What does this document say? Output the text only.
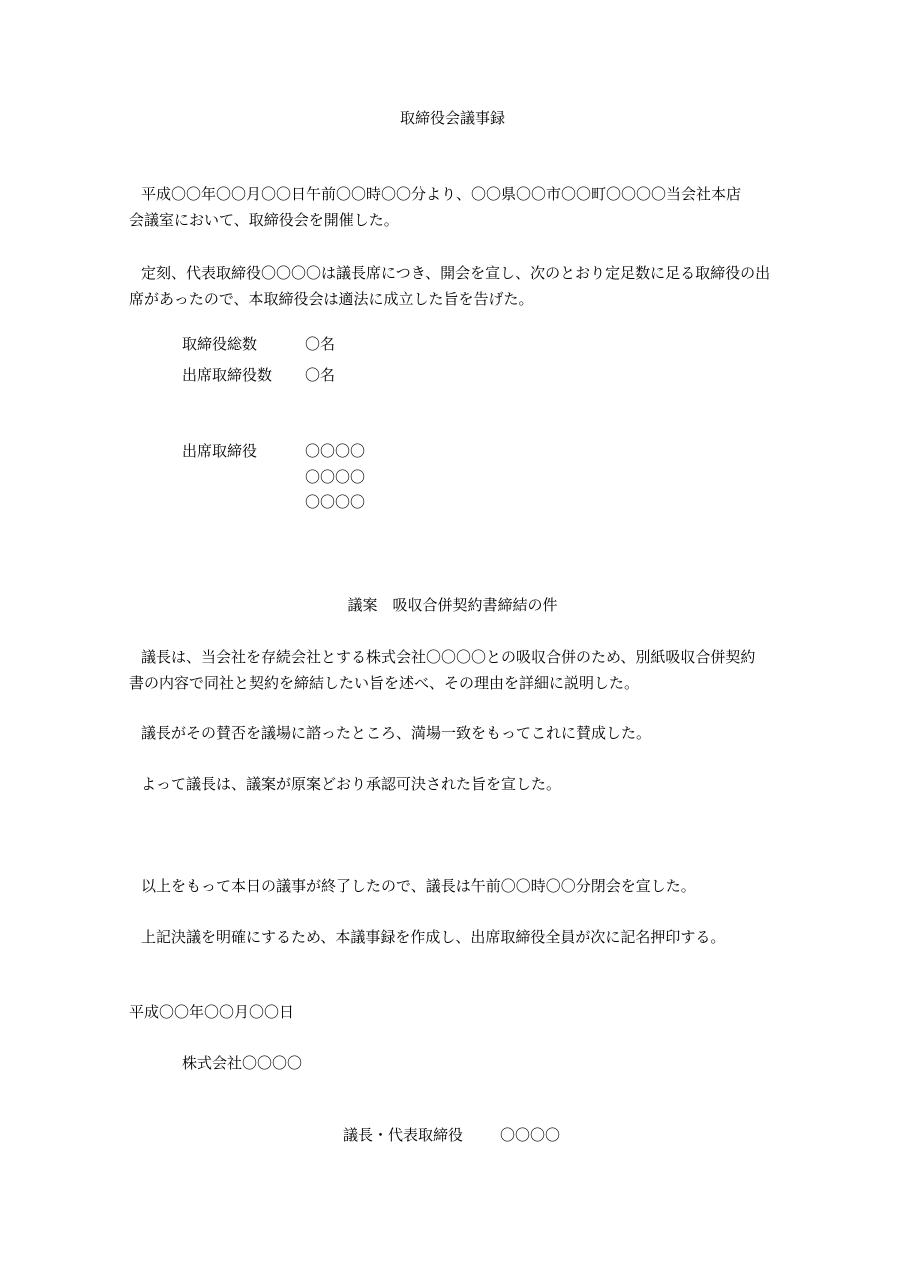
取締役会議事録
平成〇〇年〇〇月〇〇日午前〇〇時〇〇分より、〇〇県〇〇市〇〇町〇〇〇〇当会社本店
会議室において、取締役会を開催した。
定刻、代表取締役〇〇〇〇は議長席につき、開会を宣し、次のとおり定足数に足る取締役の出
席があったので、本取締役会は適法に成立した旨を告げた。
取締役総数	〇名
出席取締役数 〇名
出席取締役	〇〇〇〇
〇〇〇〇
〇〇〇〇
議案　吸収合併契約書締結の件
議長は、当会社を存続会社とする株式会社〇〇〇〇との吸収合併のため、別紙吸収合併契約
書の内容で同社と契約を締結したい旨を述べ、その理由を詳細に説明した。
議長がその賛否を議場に諮ったところ、満場一致をもってこれに賛成した。
よって議長は、議案が原案どおり承認可決された旨を宣した。
以上をもって本日の議事が終了したので、議長は午前〇〇時〇〇分閉会を宣した。
上記決議を明確にするため、本議事録を作成し、出席取締役全員が次に記名押印する。
平成〇〇年〇〇月〇〇日
株式会社〇〇〇〇
議長・代表取締役 〇〇〇〇
